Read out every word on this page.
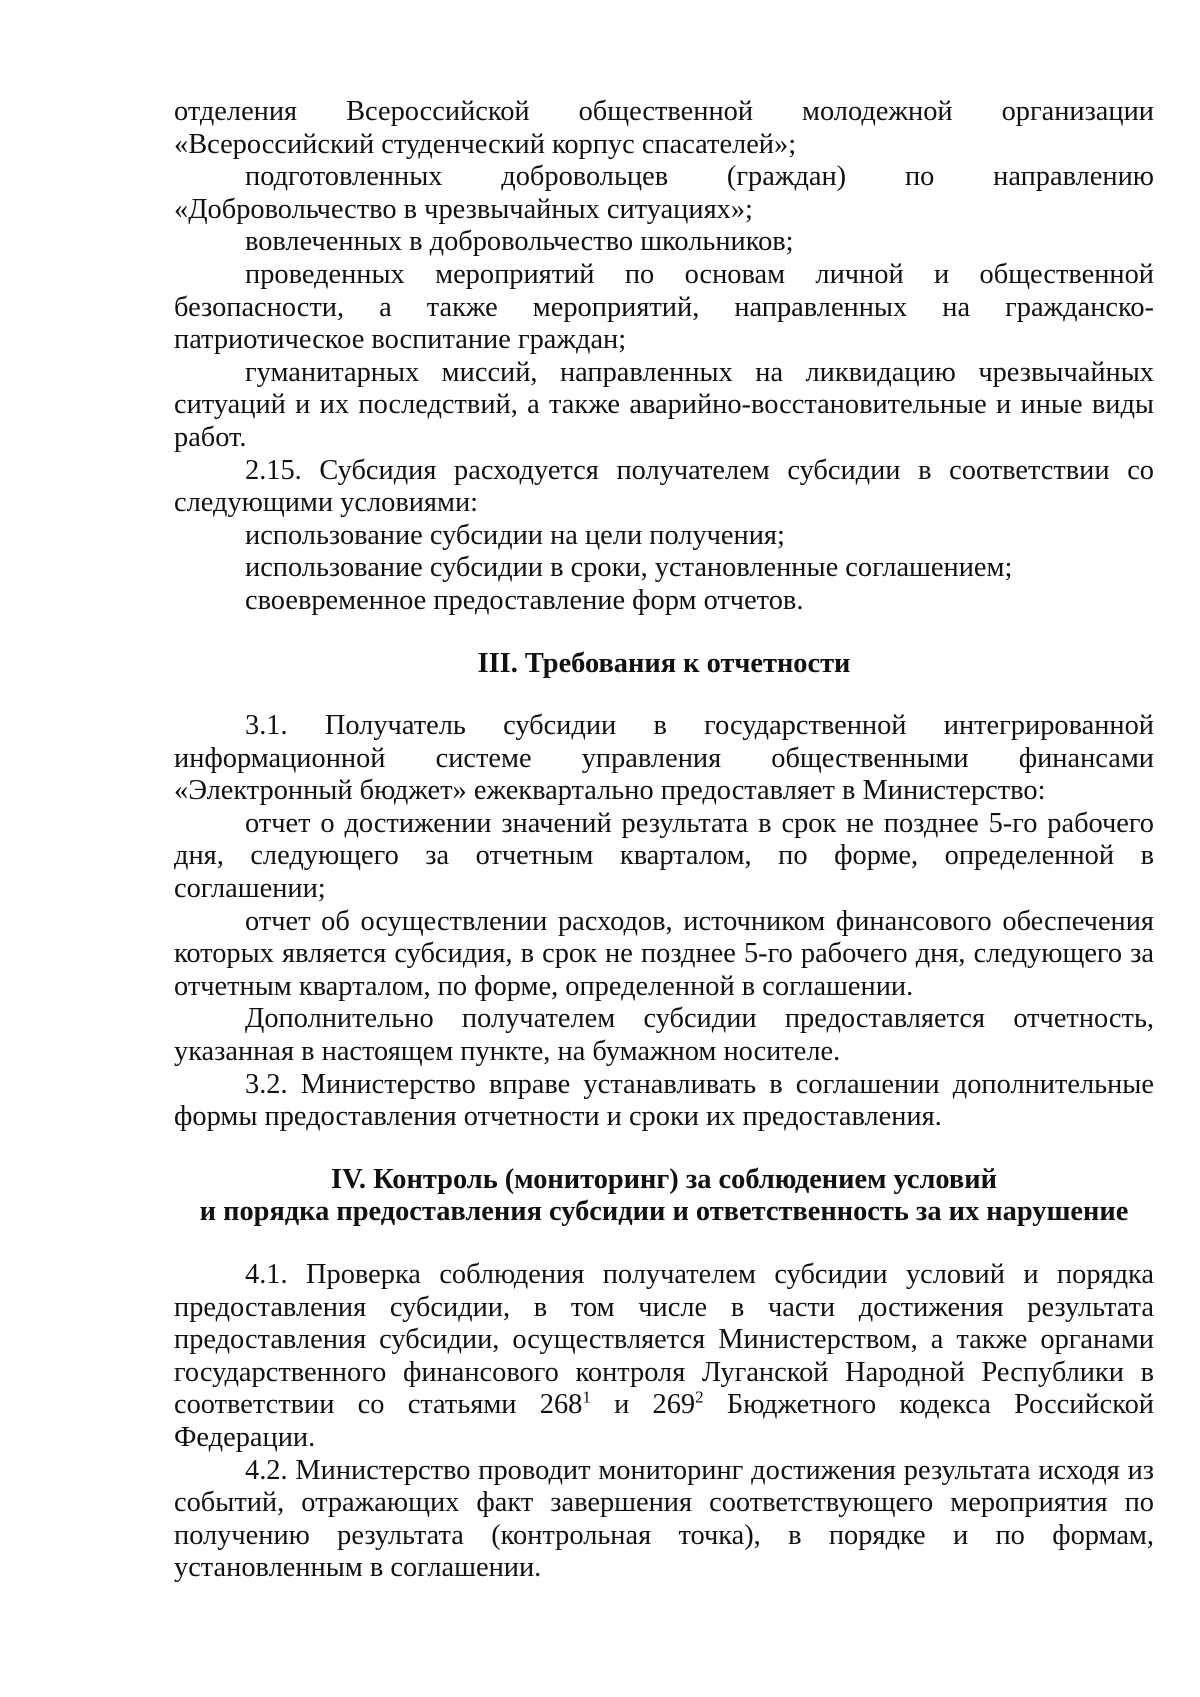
отделения Всероссийской общественной молодежной организации «Всероссийский студенческий корпус спасателей»;

подготовленных добровольцев (граждан) по направлению «Добровольчество в чрезвычайных ситуациях»;

вовлеченных в добровольчество школьников;

проведенных мероприятий по основам личной и общественной безопасности, а также мероприятий, направленных на гражданско-патриотическое воспитание граждан;

гуманитарных миссий, направленных на ликвидацию чрезвычайных ситуаций и их последствий, а также аварийно-восстановительные и иные виды работ.

2.15. Субсидия расходуется получателем субсидии в соответствии со следующими условиями:

использование субсидии на цели получения;

использование субсидии в сроки, установленные соглашением;

своевременное предоставление форм отчетов.

III. Требования к отчетности

3.1. Получатель субсидии в государственной интегрированной информационной системе управления общественными финансами «Электронный бюджет» ежеквартально предоставляет в Министерство:

отчет о достижении значений результата в срок не позднее 5-го рабочего дня, следующего за отчетным кварталом, по форме, определенной в соглашении;

отчет об осуществлении расходов, источником финансового обеспечения которых является субсидия, в срок не позднее 5-го рабочего дня, следующего за отчетным кварталом, по форме, определенной в соглашении.

Дополнительно получателем субсидии предоставляется отчетность, указанная в настоящем пункте, на бумажном носителе.

3.2. Министерство вправе устанавливать в соглашении дополнительные формы предоставления отчетности и сроки их предоставления.

IV. Контроль (мониторинг) за соблюдением условий

и порядка предоставления субсидии и ответственность за их нарушение

4.1. Проверка соблюдения получателем субсидии условий и порядка предоставления субсидии, в том числе в части достижения результата предоставления субсидии, осуществляется Министерством, а также органами государственного финансового контроля Луганской Народной Республики в соответствии со статьями $268^1$ и $269^2$ Бюджетного кодекса Российской Федерации.

4.2. Министерство проводит мониторинг достижения результата исходя из событий, отражающих факт завершения соответствующего мероприятия по получению результата (контрольная точка), в порядке и по формам, установленным в соглашении.
